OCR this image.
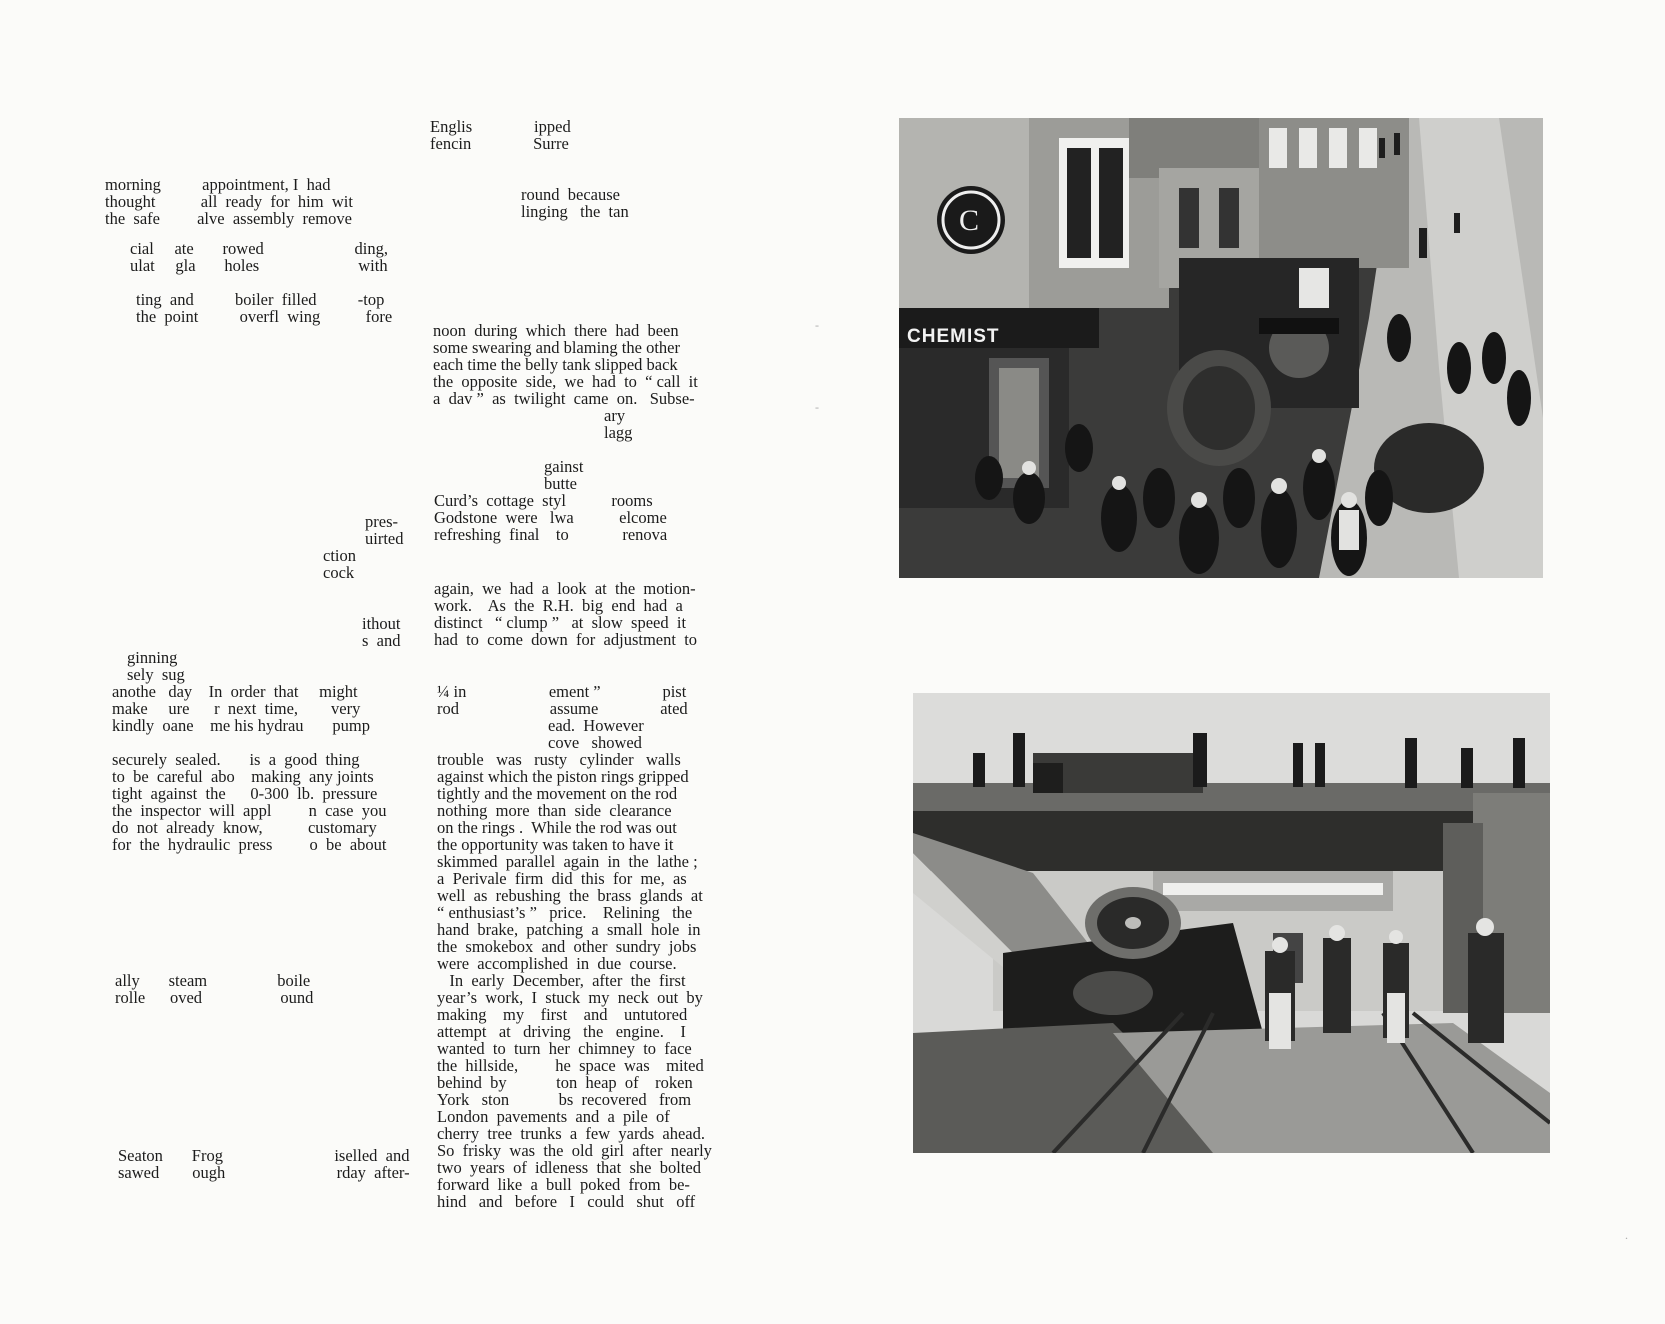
morning          appointment, I  had
thought           all  ready  for  him  wit
the  safe         alve  assembly  remove
cial     ate       rowed                      ding,
ulat     gla       holes                        with
ting  and          boiler  filled          -top
the  point          overfl  wing           fore
pres-
uirted
ction
cock
ithout
s  and
ginning
sely  sug
anothe   day    In  order  that     might
make     ure      r  next  time,        very
kindly  oane    me his hydrau       pump
securely  sealed.       is  a  good  thing
to  be  careful  abo    making  any joints
tight  against  the      0-300  lb.  pressure
the  inspector  will  appl         n  case  you
do  not  already  know,           customary
for  the  hydraulic  press         o  be  about
ally       steam                 boile
rolle      oved                   ound
Seaton       Frog                           iselled  and
sawed        ough                           rday  after-
Englis               ipped
fencin               Surre
round  because
linging   the  tan
noon  during  which  there  had  been
some swearing and blaming the other
each time the belly tank slipped back
the  opposite  side,  we  had  to  “ call  it
a  dav ”  as  twilight  came  on.   Subse-
ary
lagg
gainst
butte
Curd’s  cottage  styl           rooms
Godstone  were   lwa           elcome
refreshing  final    to             renova
again,  we  had  a  look  at  the  motion-
work.    As  the  R.H.  big  end  had  a
distinct   “ clump ”   at  slow  speed  it
had  to  come  down  for  adjustment  to
¼ in                    ement ”               pist
rod                      assume               ated
ead.  However
cove   showed
trouble   was   rusty   cylinder   walls
against which the piston rings gripped
tightly and the movement on the rod
nothing  more  than  side  clearance
on the rings .  While the rod was out
the opportunity was taken to have it
skimmed  parallel  again  in  the  lathe ;
a  Perivale  firm  did  this  for  me,  as
well  as  rebushing  the  brass  glands  at
“ enthusiast’s ”   price.    Relining   the
hand  brake,  patching  a  small  hole  in
the  smokebox  and  other  sundry  jobs
were  accomplished  in  due  course.
In  early  December,  after  the  first
year’s  work,  I  stuck  my  neck  out  by
making    my    first    and    untutored
attempt   at   driving   the   engine.    I
wanted  to  turn  her  chimney  to  face
the  hillside,         he  space  was    mited
behind  by            ton  heap  of    roken
York   ston            bs  recovered   from
London  pavements  and  a  pile  of
cherry  tree  trunks  a  few  yards  ahead.
So  frisky  was  the  old  girl  after  nearly
two  years  of  idleness  that  she  bolted
forward  like  a  bull  poked  from  be-
hind   and   before   I   could   shut   off
C
CHEMIST
-
-
.
